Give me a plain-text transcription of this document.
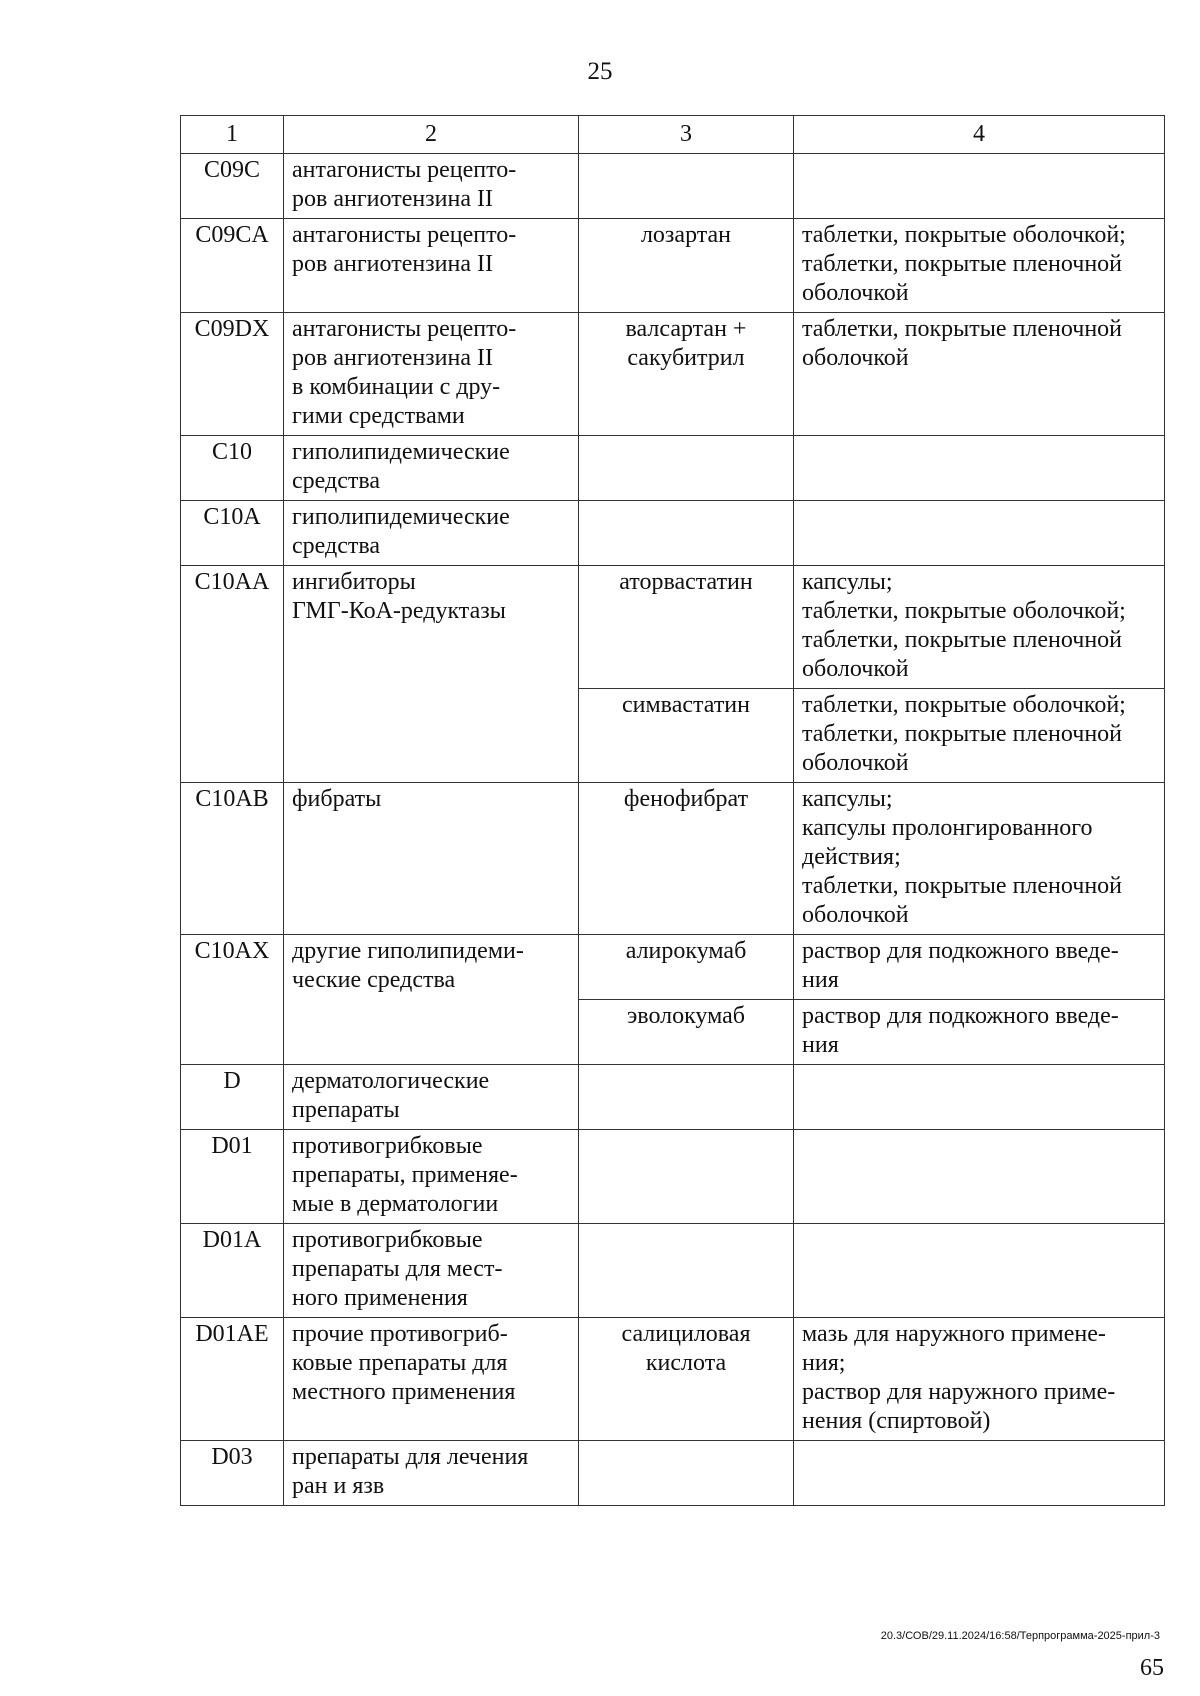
25
1	2	3	4
C09C	антагонисты рецепто-
ров ангиотензина II		

C09CA	антагонисты рецепто-
ров ангиотензина II	лозартан	таблетки, покрытые оболочкой;
таблетки, покрытые пленочной
оболочкой

C09DX	антагонисты рецепто-
ров ангиотензина II
в комбинации с дру-
гими средствами	валсартан +
сакубитрил	таблетки, покрытые пленочной
оболочкой

C10	гиполипидемические
средства		

C10A	гиполипидемические
средства		

C10AA	ингибиторы
ГМГ-КоА-редуктазы	аторвастатин	капсулы;
таблетки, покрытые оболочкой;
таблетки, покрытые пленочной
оболочкой

		симвастатин	таблетки, покрытые оболочкой;
таблетки, покрытые пленочной
оболочкой

C10AB	фибраты	фенофибрат	капсулы;
капсулы пролонгированного
действия;
таблетки, покрытые пленочной
оболочкой

C10AX	другие гиполипидеми-
ческие средства	алирокумаб	раствор для подкожного введе-
ния

		эволокумаб	раствор для подкожного введе-
ния

D	дерматологические
препараты		

D01	противогрибковые
препараты, применяе-
мые в дерматологии		

D01A	противогрибковые
препараты для мест-
ного применения		

D01AE	прочие противогриб-
ковые препараты для
местного применения	салициловая
кислота	мазь для наружного примене-
ния;
раствор для наружного приме-
нения (спиртовой)

D03	препараты для лечения
ран и язв		

20.3/СОВ/29.11.2024/16:58/Терпрограмма-2025-прил-3
65
